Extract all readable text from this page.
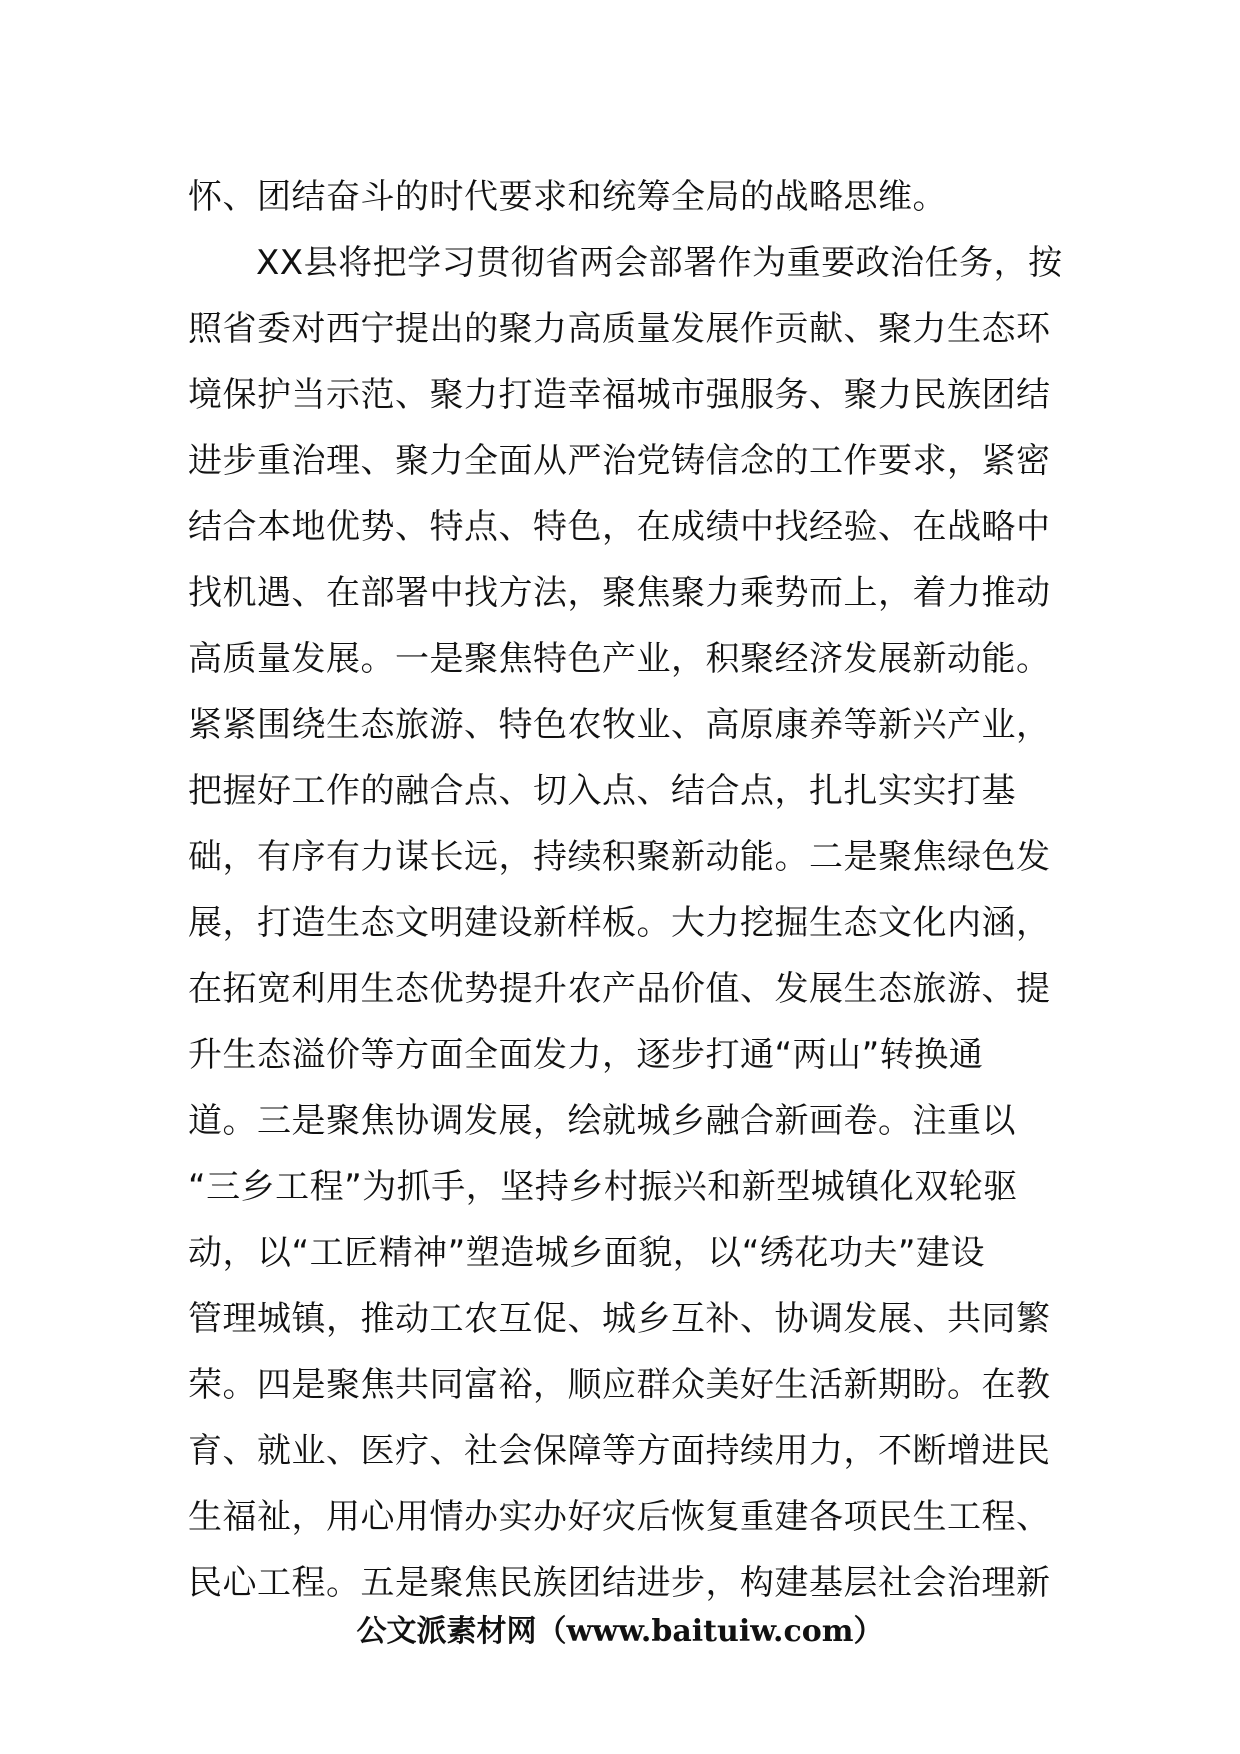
怀、团结奋斗的时代要求和统筹全局的战略思维。
XX县将把学习贯彻省两会部署作为重要政治任务，按
照省委对西宁提出的聚力高质量发展作贡献、聚力生态环
境保护当示范、聚力打造幸福城市强服务、聚力民族团结
进步重治理、聚力全面从严治党铸信念的工作要求，紧密
结合本地优势、特点、特色，在成绩中找经验、在战略中
找机遇、在部署中找方法，聚焦聚力乘势而上，着力推动
高质量发展。一是聚焦特色产业，积聚经济发展新动能。
紧紧围绕生态旅游、特色农牧业、高原康养等新兴产业，
把握好工作的融合点、切入点、结合点，扎扎实实打基
础，有序有力谋长远，持续积聚新动能。二是聚焦绿色发
展，打造生态文明建设新样板。大力挖掘生态文化内涵，
在拓宽利用生态优势提升农产品价值、发展生态旅游、提
升生态溢价等方面全面发力，逐步打通“两山”转换通
道。三是聚焦协调发展，绘就城乡融合新画卷。注重以
“三乡工程”为抓手，坚持乡村振兴和新型城镇化双轮驱
动，以“工匠精神”塑造城乡面貌，以“绣花功夫”建设
管理城镇，推动工农互促、城乡互补、协调发展、共同繁
荣。四是聚焦共同富裕，顺应群众美好生活新期盼。在教
育、就业、医疗、社会保障等方面持续用力，不断增进民
生福祉，用心用情办实办好灾后恢复重建各项民生工程、
民心工程。五是聚焦民族团结进步，构建基层社会治理新
公文派素材网（www.baituiw.com）
